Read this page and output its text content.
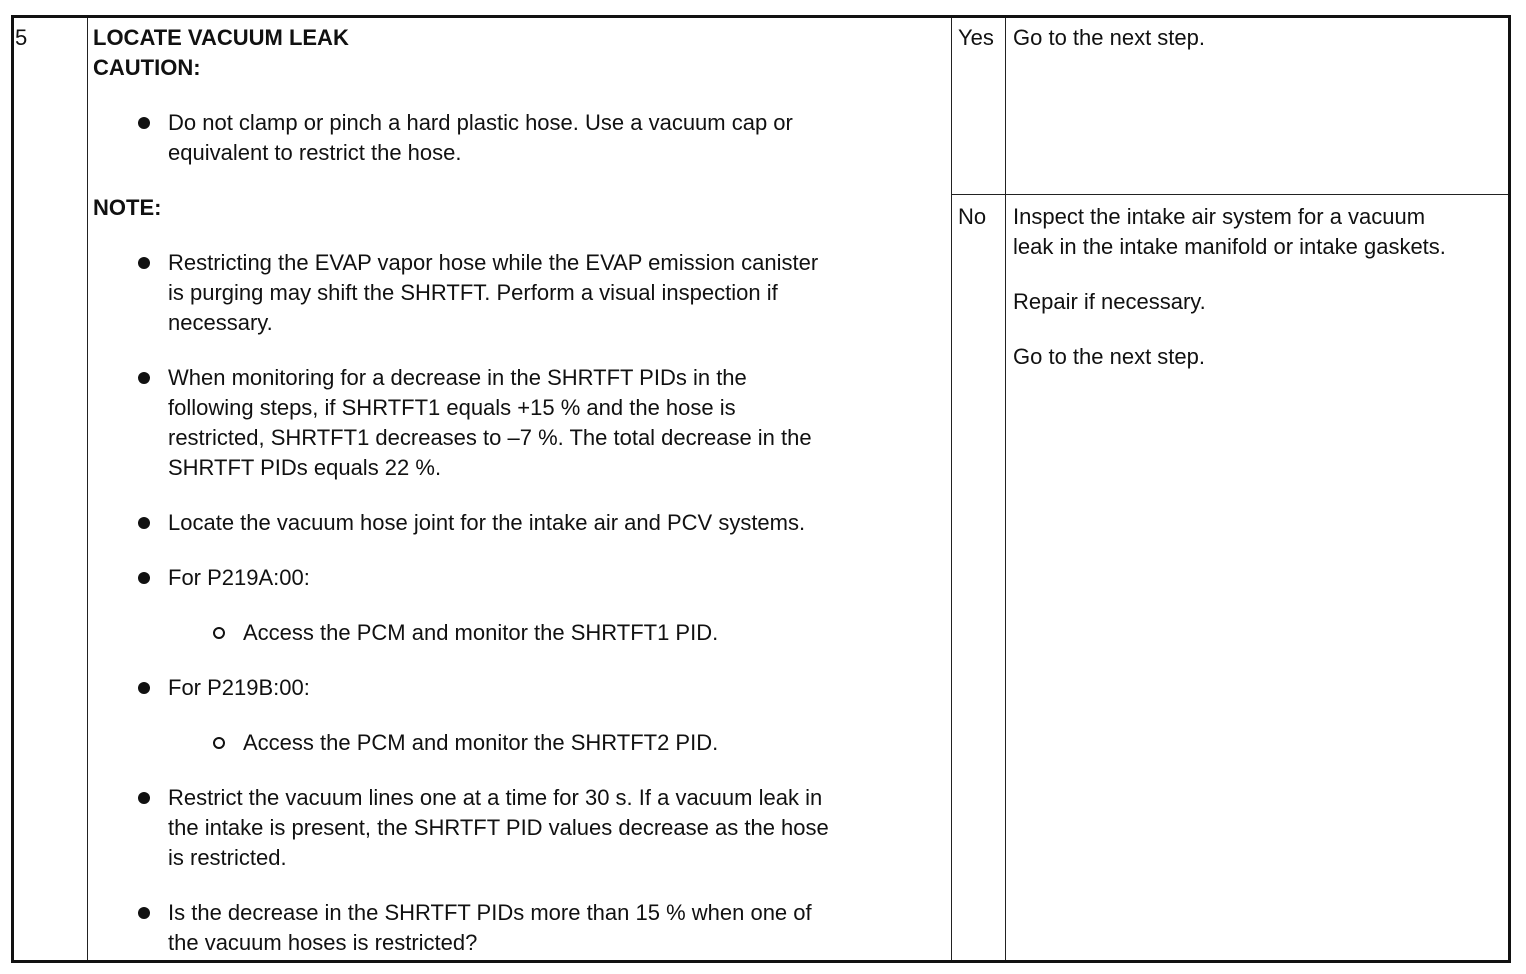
5	LOCATE VACUUM LEAK
CAUTION:
Do not clamp or pinch a hard plastic hose. Use a vacuum cap or
equivalent to restrict the hose.
NOTE:
Restricting the EVAP vapor hose while the EVAP emission canister
is purging may shift the SHRTFT. Perform a visual inspection if
necessary.
When monitoring for a decrease in the SHRTFT PIDs in the
following steps, if SHRTFT1 equals +15 % and the hose is
restricted, SHRTFT1 decreases to –7 %. The total decrease in the
SHRTFT PIDs equals 22 %.
Locate the vacuum hose joint for the intake air and PCV systems.
For P219A:00:
Access the PCM and monitor the SHRTFT1 PID.
For P219B:00:
Access the PCM and monitor the SHRTFT2 PID.
Restrict the vacuum lines one at a time for 30 s. If a vacuum leak in
the intake is present, the SHRTFT PID values decrease as the hose
is restricted.
Is the decrease in the SHRTFT PIDs more than 15 % when one of
the vacuum hoses is restricted?
Yes Go to the next step.
No Inspect the intake air system for a vacuum
leak in the intake manifold or intake gaskets.
Repair if necessary.
Go to the next step.
